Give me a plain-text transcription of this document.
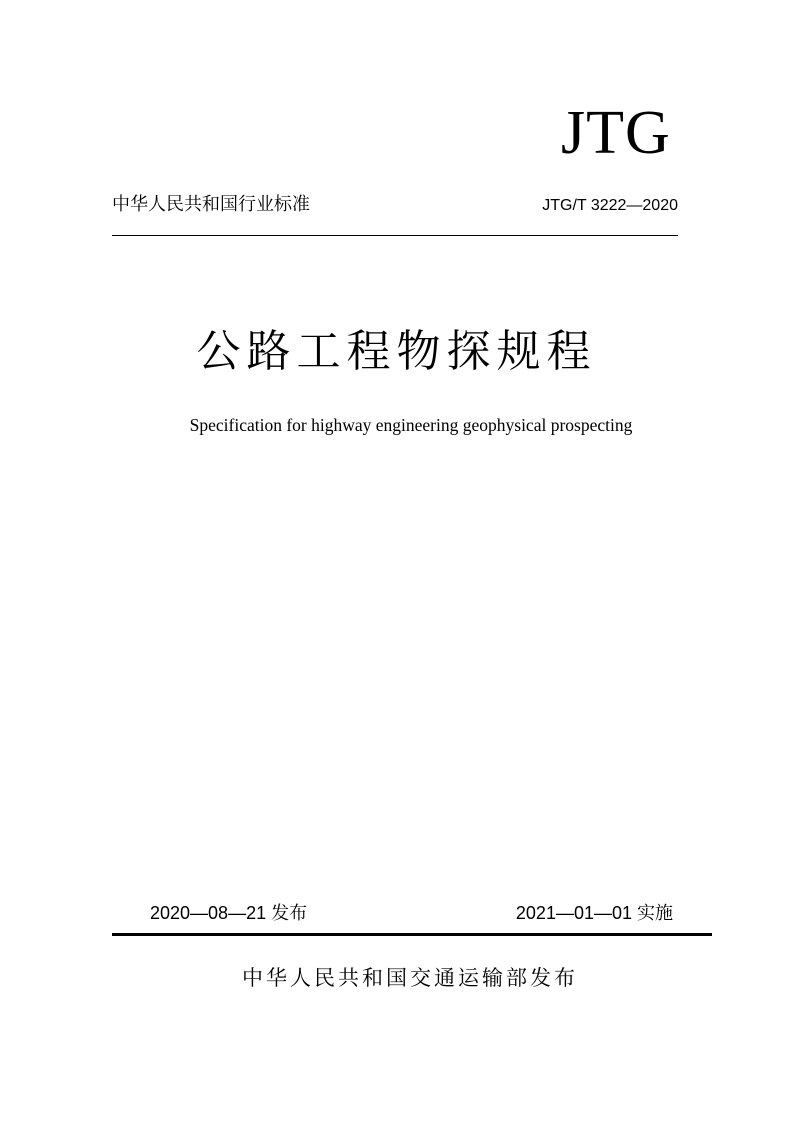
JTG
中华人民共和国行业标准	JTG/T 3222—2020
公路工程物探规程
Specification for highway engineering geophysical prospecting
2020—08—21 发布	2021—01—01 实施
中华人民共和国交通运输部发布
